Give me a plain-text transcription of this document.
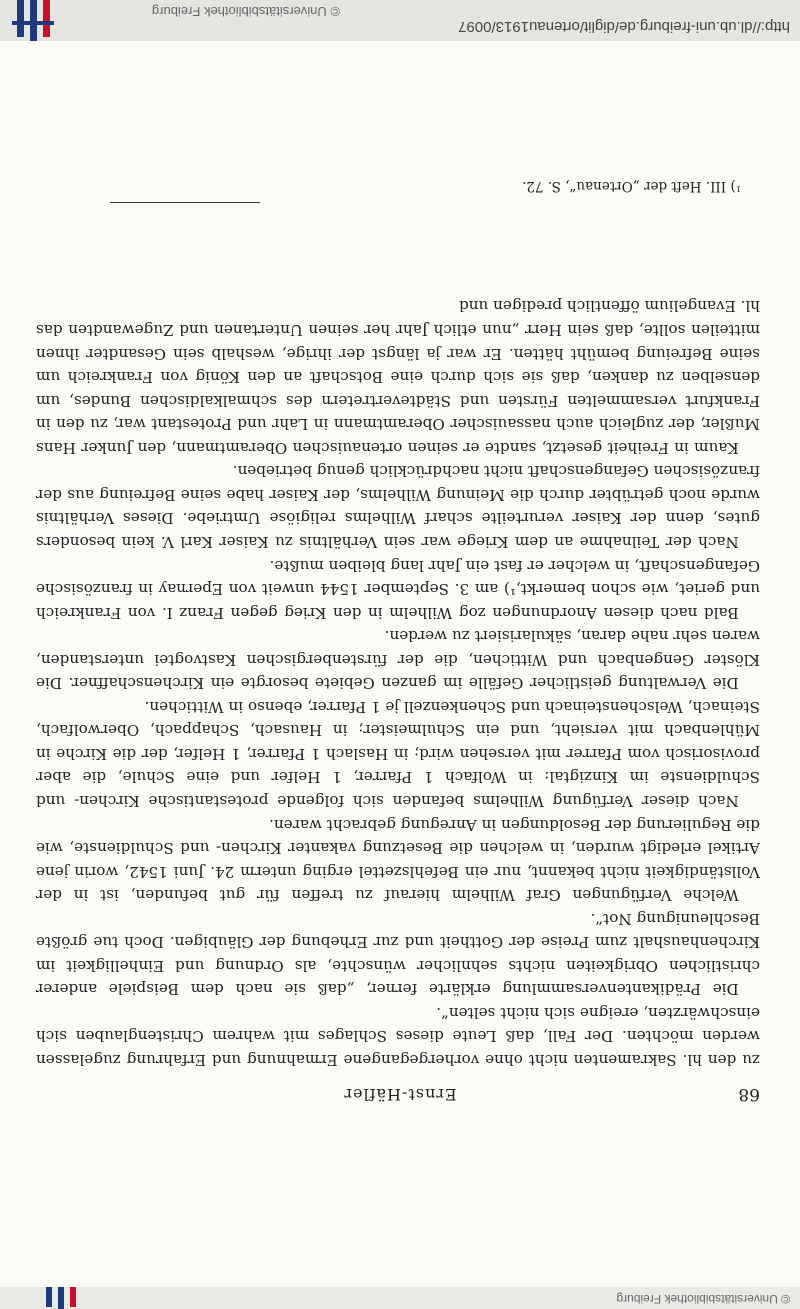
© Universitätsbibliothek Freiburg
68
Ernst-Häfler

zu den hl. Sakramenten nicht ohne vorhergegangene Ermahnung und Erfahrung zugelassen werden möchten. Der Fall, daß Leute dieses Schlages mit wahrem Christenglauben sich einschwärzten, ereigne sich nicht selten“.

Die Prädikantenversammlung erklärte ferner, „daß sie nach dem Beispiele anderer christlichen Obrigkeiten nichts sehnlicher wünschte, als Ordnung und Einhelligkeit im Kirchenhaushalt zum Preise der Gottheit und zur Erhebung der Gläubigen. Doch tue größte Beschleunigung Not“.

Welche Verfügungen Graf Wilhelm hierauf zu treffen für gut befunden, ist in der Vollständigkeit nicht bekannt, nur ein Befehlszettel erging unterm 24. Juni 1542, worin jene Artikel erledigt wurden, in welchen die Besetzung vakanter Kirchen- und Schuldienste, wie die Regulierung der Besoldungen in Anregung gebracht waren.

Nach dieser Verfügung Wilhelms befanden sich folgende protestantische Kirchen- und Schuldienste im Kinzigtal: in Wolfach 1 Pfarrer, 1 Helfer und eine Schule, die aber provisorisch vom Pfarrer mit versehen wird; in Haslach 1 Pfarrer, 1 Helfer, der die Kirche in Mühlenbach mit versieht, und ein Schulmeister; in Hausach, Schappach, Oberwolfach, Steinach, Welschensteinach und Schenkenzell je 1 Pfarrer, ebenso in Wittichen.

Die Verwaltung geistlicher Gefälle im ganzen Gebiete besorgte ein Kirchenschaffner. Die Klöster Gengenbach und Wittichen, die der fürstenbergischen Kastvogtei unterstanden, waren sehr nahe daran, säkularisiert zu werden.

Bald nach diesen Anordnungen zog Wilhelm in den Krieg gegen Franz I. von Frankreich und geriet, wie schon bemerkt,¹) am 3. September 1544 unweit von Epernay in französische Gefangenschaft, in welcher er fast ein Jahr lang bleiben mußte.

Nach der Teilnahme an dem Kriege war sein Verhältnis zu Kaiser Karl V. kein besonders gutes, denn der Kaiser verurteilte scharf Wilhelms religiöse Umtriebe. Dieses Verhältnis wurde noch getrübter durch die Meinung Wilhelms, der Kaiser habe seine Befreiung aus der französischen Gefangenschaft nicht nachdrücklich genug betrieben.

Kaum in Freiheit gesetzt, sandte er seinen ortenauischen Oberamtmann, den Junker Hans Mußler, der zugleich auch nassauischer Oberamtmann in Lahr und Protestant war, zu den in Frankfurt versammelten Fürsten und Städtevertretern des schmalkaldischen Bundes, um denselben zu danken, daß sie sich durch eine Botschaft an den König von Frankreich um seine Befreiung bemüht hätten. Er war ja längst der ihrige, weshalb sein Gesandter ihnen mitteilen sollte, daß sein Herr „nun etlich Jahr her seinen Untertanen und Zugewandten das hl. Evangelium öffentlich predigen und

¹) III. Heft der „Ortenau“, S. 72.
http://dl.ub.uni-freiburg.de/diglit/ortenau1913/0097
© Universitätsbibliothek Freiburg
